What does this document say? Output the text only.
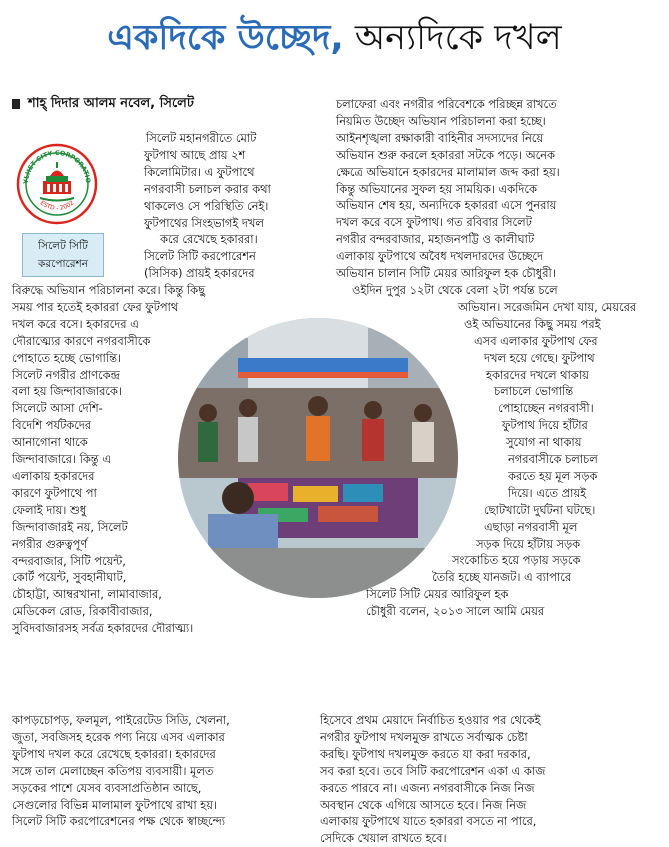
একদিকে উচ্ছেদ, অন্যদিকে দখল
শাহ্ দিদার আলম নবেল, সিলেট
YLHET CITY CORPORATIO
ESTD - 2002
সিলেট সিটি
করপোরেশন
সিলেট মহানগরীতে মোট
ফুটপাথ আছে প্রায় ২শ
কিলোমিটার। এ ফুটপাথে
নগরবাসী চলাচল করার কথা
থাকলেও সে পরিস্থিতি নেই।
ফুটপাথের সিংহভাগই দখল
করে রেখেছে হকাররা।
সিলেট সিটি করপোরেশন
(সিসিক) প্রায়ই হকারদের
বিরুদ্ধে অভিযান পরিচালনা করে। কিন্তু কিছু
সময় পার হতেই হকাররা ফের ফুটপাথ
দখল করে বসে। হকারদের এ
দৌরাত্ম্যের কারণে নগরবাসীকে
পোহাতে হচ্ছে ভোগান্তি।
সিলেট নগরীর প্রাণকেন্দ্র
বলা হয় জিন্দাবাজারকে।
সিলেটে আসা দেশি-
বিদেশি পর্যটকদের
আনাগোনা থাকে
জিন্দাবাজারে। কিন্তু এ
এলাকায় হকারদের
কারণে ফুটপাথে পা
ফেলাই দায়। শুধু
জিন্দাবাজারই নয়, সিলেট
নগরীর গুরুত্বপূর্ণ
বন্দরবাজার, সিটি পয়েন্ট,
কোর্ট পয়েন্ট, সুবহানীঘাট,
চৌহাট্টা, আম্বরখানা, লামাবাজার,
মেডিকেল রোড, রিকাবীবাজার,
সুবিদবাজারসহ সর্বত্র হকারদের দৌরাত্ম্য।
কাপড়চোপড়, ফলমূল, পাইরেটেড সিডি, খেলনা,
জুতা, সবজিসহ হরেক পণ্য নিয়ে এসব এলাকার
ফুটপাথ দখল করে রেখেছে হকাররা। হকারদের
সঙ্গে তাল মেলাচ্ছেন কতিপয় ব্যবসায়ী। মূলত
সড়কের পাশে যেসব ব্যবসাপ্রতিষ্ঠান আছে,
সেগুলোর বিভিন্ন মালামাল ফুটপাথে রাখা হয়।
সিলেট সিটি করপোরেশনের পক্ষ থেকে স্বাচ্ছন্দ্যে
চলাফেরা এবং নগরীর পরিবেশকে পরিচ্ছন্ন রাখতে
নিয়মিত উচ্ছেদ অভিযান পরিচালনা করা হচ্ছে।
আইনশৃঙ্খলা রক্ষাকারী বাহিনীর সদস্যদের নিয়ে
অভিযান শুরু করলে হকাররা সটকে পড়ে। অনেক
ক্ষেত্রে অভিযানে হকারদের মালামাল জব্দ করা হয়।
কিন্তু অভিযানের সুফল হয় সাময়িক। একদিকে
অভিযান শেষ হয়, অন্যদিকে হকাররা এসে পুনরায়
দখল করে বসে ফুটপাথ। গত রবিবার সিলেট
নগরীর বন্দরবাজার, মহাজনপট্টি ও কালীঘাট
এলাকায় ফুটপাথে অবৈধ দখলদারদের উচ্ছেদে
অভিযান চালান সিটি মেয়র আরিফুল হক চৌধুরী।
ওইদিন দুপুর ১২টা থেকে বেলা ২টা পর্যন্ত চলে
অভিযান। সরেজমিন দেখা যায়, মেয়রের
ওই অভিযানের কিছু সময় পরই
এসব এলাকার ফুটপাথ ফের
দখল হয়ে গেছে। ফুটপাথ
হকারদের দখলে থাকায়
চলাচলে ভোগান্তি
পোহাচ্ছেন নগরবাসী।
ফুটপাথ দিয়ে হাঁটার
সুযোগ না থাকায়
নগরবাসীকে চলাচল
করতে হয় মূল সড়ক
দিয়ে। এতে প্রায়ই
ছোটখাটো দুর্ঘটনা ঘটছে।
এছাড়া নগরবাসী মূল
সড়ক দিয়ে হাঁটায় সড়ক
সংকোচিত হয়ে পড়ায় সড়কে
তৈরি হচ্ছে যানজট। এ ব্যাপারে
সিলেট সিটি মেয়র আরিফুল হক
চৌধুরী বলেন, ২০১৩ সালে আমি মেয়র
হিসেবে প্রথম মেয়াদে নির্বাচিত হওয়ার পর থেকেই
নগরীর ফুটপাথ দখলমুক্ত রাখতে সর্বাত্মক চেষ্টা
করছি। ফুটপাথ দখলমুক্ত করতে যা করা দরকার,
সব করা হবে। তবে সিটি করপোরেশন একা এ কাজ
করতে পারবে না। এজন্য নগরবাসীকে নিজ নিজ
অবস্থান থেকে এগিয়ে আসতে হবে। নিজ নিজ
এলাকায় ফুটপাথে যাতে হকাররা বসতে না পারে,
সেদিকে খেয়াল রাখতে হবে।
